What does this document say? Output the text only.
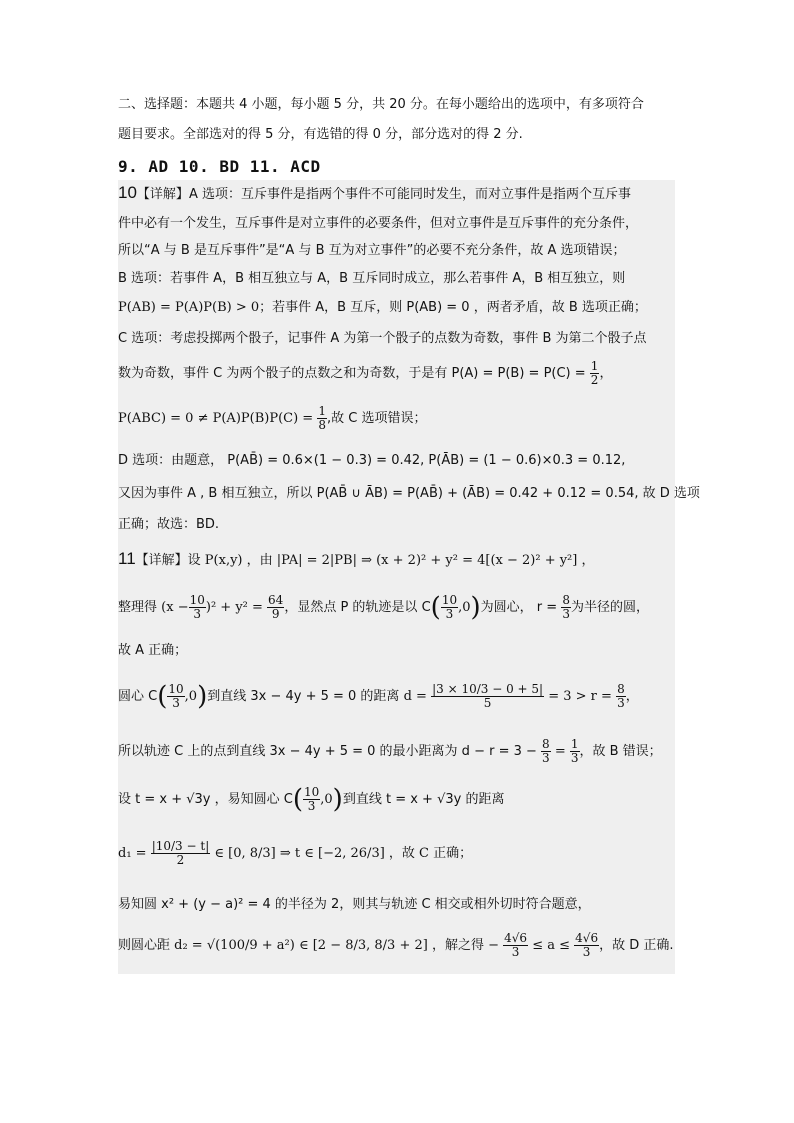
二、选择题：本题共 4 小题，每小题 5 分，共 20 分。在每小题给出的选项中，有多项符合
题目要求。全部选对的得 5 分，有选错的得 0 分，部分选对的得 2 分.
9. AD 10. BD 11. ACD
10【详解】A 选项：互斥事件是指两个事件不可能同时发生，而对立事件是指两个互斥事
件中必有一个发生，互斥事件是对立事件的必要条件，但对立事件是互斥事件的充分条件，
所以“A 与 B 是互斥事件”是“A 与 B 互为对立事件”的必要不充分条件，故 A 选项错误；
B 选项：若事件 A，B 相互独立与 A，B 互斥同时成立，那么若事件 A，B 相互独立，则
P(AB) = P(A)P(B) > 0；若事件 A，B 互斥，则 P(AB) = 0 ，两者矛盾，故 B 选项正确；
C 选项：考虑投掷两个骰子，记事件 A 为第一个骰子的点数为奇数，事件 B 为第二个骰子点
数为奇数，事件 C 为两个骰子的点数之和为奇数，于是有 $P(A) = P(B) = P(C) = \frac{1}{2}$ ，
$P(ABC) = 0 \ne P(A)P(B)P(C) = \frac{1}{8}$ ,故 C 选项错误；
D 选项：由题意， P(AB̄) = 0.6×(1 − 0.3) = 0.42, P(ĀB) = (1 − 0.6)×0.3 = 0.12,
又因为事件 A , B 相互独立，所以 P(AB̄ ∪ ĀB) = P(AB̄) + (ĀB) = 0.42 + 0.12 = 0.54, 故 D 选项
正确；故选：BD.
11【详解】设 P(x,y) ，由 |PA| = 2|PB| ⇒ (x + 2)² + y² = 4[(x − 2)² + y²] ，
整理得 $(x - \frac{10}{3} )^2 + y^2 = \frac{64}{9}$ ，显然点 P 的轨迹是以 $C( \frac{10}{3} ,0)$为圆心， $r = \frac{8}{3}$ 为半径的圆，
故 A 正确；
圆心 $C( \frac{10}{3} ,0)$到直线 3x − 4y + 5 = 0 的距离 $d = \frac{|3 \times 10/3 - 0 + 5|}{5} = 3 > r = \frac{8}{3}$ ，
所以轨迹 C 上的点到直线 3x − 4y + 5 = 0 的最小距离为 $d - r = 3 - \frac{8}{3} = \frac{1}{3}$ ，故 B 错误；
设 t = x + √3y ，易知圆心 $C( \frac{10}{3} ,0)$到直线 t = x + √3y 的距离
$d_1 = \frac{|10/3 - t|}{2}$ ∈ [0, 8/3] ⇒ t ∈ [−2, 26/3] ，故 C 正确；
易知圆 x² + (y − a)² = 4 的半径为 2，则其与轨迹 C 相交或相外切时符合题意，
则圆心距 d₂ = √(100/9 + a²) ∈ [2 − 8/3, 8/3 + 2] ，解之得 − $\frac{4√6}{3} \le a \le \frac{4√6}{3}$ ，故 D 正确.
